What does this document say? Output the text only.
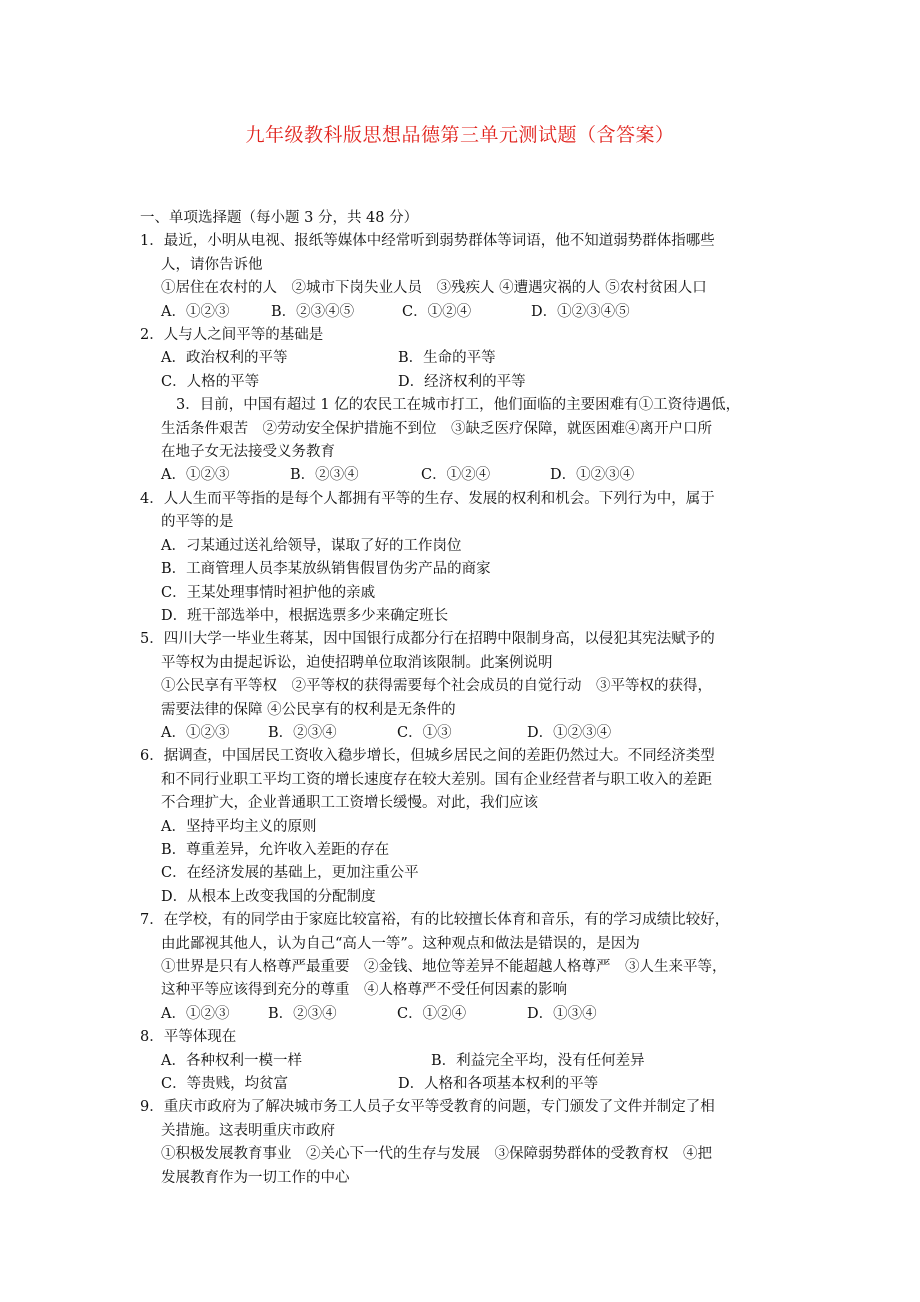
九年级教科版思想品德第三单元测试题（含答案）
一、单项选择题（每小题 3 分，共 48 分）
1．最近，小明从电视、报纸等媒体中经常听到弱势群体等词语，他不知道弱势群体指哪些
人，请你告诉他
①居住在农村的人　②城市下岗失业人员　③残疾人 ④遭遇灾祸的人 ⑤农村贫困人口
A．①②③	B．②③④⑤	C．①②④	D．①②③④⑤
2．人与人之间平等的基础是
A．政治权利的平等	B．生命的平等
C．人格的平等	D．经济权利的平等
3．目前，中国有超过 1 亿的农民工在城市打工，他们面临的主要困难有①工资待遇低，
生活条件艰苦　②劳动安全保护措施不到位　③缺乏医疗保障，就医困难④离开户口所
在地子女无法接受义务教育
A．①②③	B．②③④	C．①②④	D．①②③④
4．人人生而平等指的是每个人都拥有平等的生存、发展的权利和机会。下列行为中，属于
的平等的是
A．刁某通过送礼给领导，谋取了好的工作岗位
B．工商管理人员李某放纵销售假冒伪劣产品的商家
C．王某处理事情时袒护他的亲戚
D．班干部选举中，根据选票多少来确定班长
5．四川大学一毕业生蒋某，因中国银行成都分行在招聘中限制身高，以侵犯其宪法赋予的
平等权为由提起诉讼，迫使招聘单位取消该限制。此案例说明
①公民享有平等权　②平等权的获得需要每个社会成员的自觉行动　③平等权的获得，
需要法律的保障 ④公民享有的权利是无条件的
A．①②③	B．②③④	C．①③	D．①②③④
6．据调查，中国居民工资收入稳步增长，但城乡居民之间的差距仍然过大。不同经济类型
和不同行业职工平均工资的增长速度存在较大差别。国有企业经营者与职工收入的差距
不合理扩大，企业普通职工工资增长缓慢。对此，我们应该
A．坚持平均主义的原则
B．尊重差异，允许收入差距的存在
C．在经济发展的基础上，更加注重公平
D．从根本上改变我国的分配制度
7．在学校，有的同学由于家庭比较富裕，有的比较擅长体育和音乐，有的学习成绩比较好，
由此鄙视其他人，认为自己“高人一等”。这种观点和做法是错误的，是因为
①世界是只有人格尊严最重要　②金钱、地位等差异不能超越人格尊严　③人生来平等，
这种平等应该得到充分的尊重　④人格尊严不受任何因素的影响
A．①②③	B．②③④	C．①②④	D．①③④
8．平等体现在
A．各种权利一模一样	B．利益完全平均，没有任何差异
C．等贵贱，均贫富	D．人格和各项基本权利的平等
9．重庆市政府为了解决城市务工人员子女平等受教育的问题，专门颁发了文件并制定了相
关措施。这表明重庆市政府
①积极发展教育事业　②关心下一代的生存与发展　③保障弱势群体的受教育权　④把
发展教育作为一切工作的中心
